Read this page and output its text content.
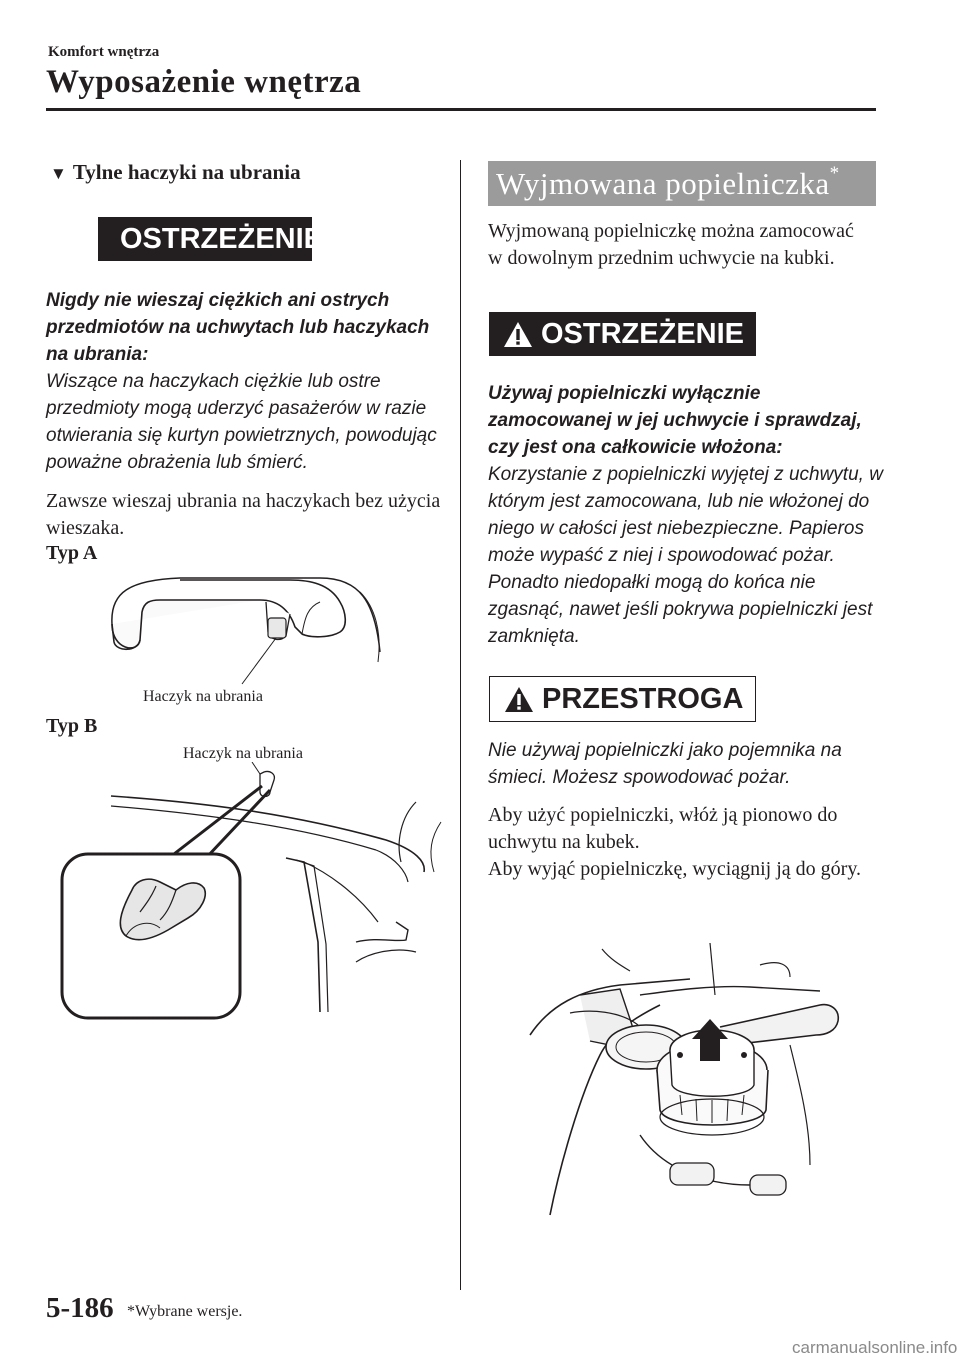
Komfort wnętrza
Wyposażenie wnętrza
▼ Tylne haczyki na ubrania
OSTRZEŻENIE
Nigdy nie wieszaj ciężkich ani ostrych przedmiotów na uchwytach lub haczykach na ubrania:
Wiszące na haczykach ciężkie lub ostre przedmioty mogą uderzyć pasażerów w razie otwierania się kurtyn powietrznych, powodując poważne obrażenia lub śmierć.
Zawsze wieszaj ubrania na haczykach bez użycia wieszaka.
Typ A
Haczyk na ubrania
Typ B
Haczyk na ubrania
Wyjmowana popielniczka*
Wyjmowaną popielniczkę można zamocować w dowolnym przednim uchwycie na kubki.
OSTRZEŻENIE
Używaj popielniczki wyłącznie zamocowanej w jej uchwycie i sprawdzaj, czy jest ona całkowicie włożona:
Korzystanie z popielniczki wyjętej z uchwytu, w którym jest zamocowana, lub nie włożonej do niego w całości jest niebezpieczne. Papieros może wypaść z niej i spowodować pożar. Ponadto niedopałki mogą do końca nie zgasnąć, nawet jeśli pokrywa popielniczki jest zamknięta.
PRZESTROGA
Nie używaj popielniczki jako pojemnika na śmieci. Możesz spowodować pożar.
Aby użyć popielniczki, włóż ją pionowo do uchwytu na kubek.
Aby wyjąć popielniczkę, wyciągnij ją do góry.
5-186 *Wybrane wersje.
carmanualsonline.info
